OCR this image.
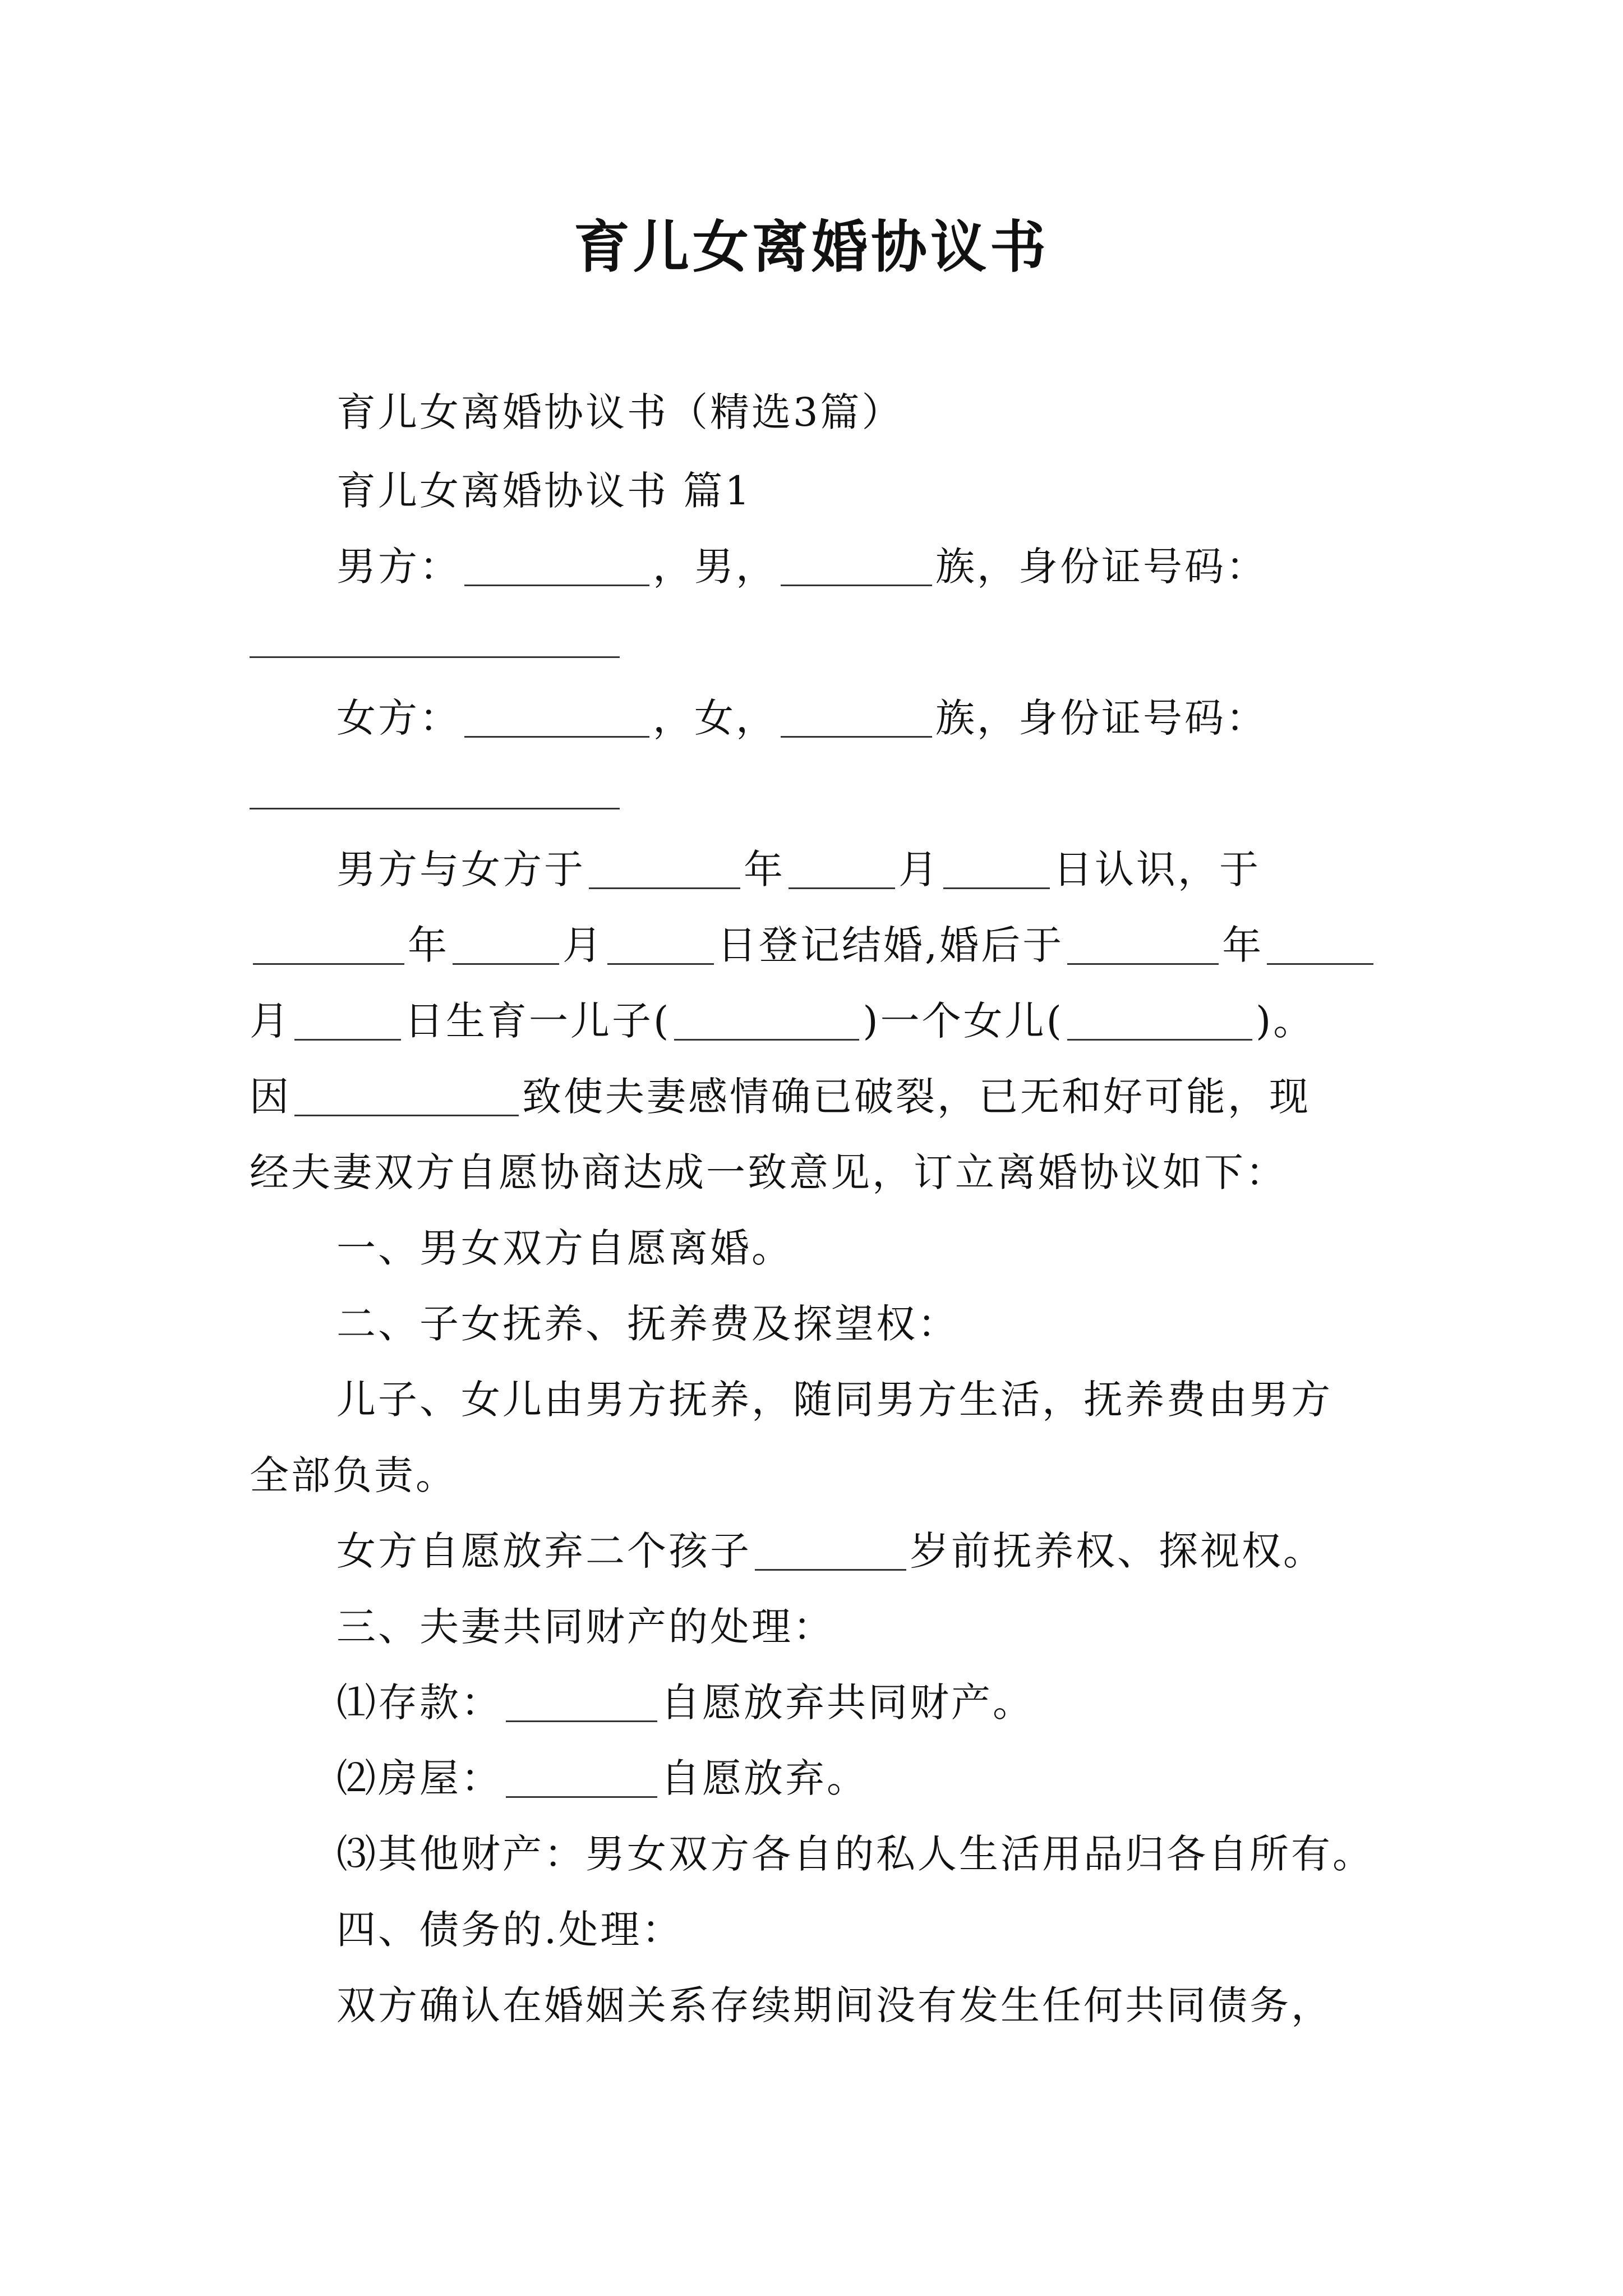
育儿女离婚协议书
育儿女离婚协议书（精选3篇）
育儿女离婚协议书 篇1
男方：	，男，	族，身份证号码：
女方：	，女，	族，身份证号码：
男方与女方于	年	月	日认识，于
年	月	日登记结婚,婚后于	年
月	日生育一儿子(	)一个女儿(	)。
因	致使夫妻感情确已破裂，已无和好可能，现
经夫妻双方自愿协商达成一致意见，订立离婚协议如下：
一、男女双方自愿离婚。
二、子女抚养、抚养费及探望权：
儿子、女儿由男方抚养，随同男方生活，抚养费由男方
全部负责。
女方自愿放弃二个孩子	岁前抚养权、探视权。
三、夫妻共同财产的处理：
⑴存款：	自愿放弃共同财产。
⑵房屋：	自愿放弃。
⑶其他财产：男女双方各自的私人生活用品归各自所有。
四、债务的.处理：
双方确认在婚姻关系存续期间没有发生任何共同债务，
